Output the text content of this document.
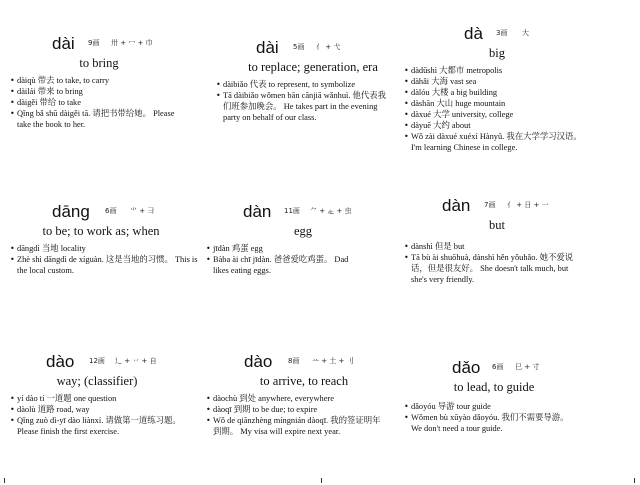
dài 9画 卅 + 冖 + 巾
to bring
• dàiqù 带去 to take, to carry
• dàilái 带来 to bring
• dàigěi 带给 to take
• Qǐng bǎ shū dàigěi tā. 请把书带给她。 Please take the book to her.
dài 5画 亻 + 弋
to replace; generation, era
• dàibiǎo 代表 to represent, to symbolize
• Tā dàibiǎo wǒmen bān cānjiā wǎnhuì. 他代表我们班参加晚会。 He takes part in the evening party on behalf of our class.
dà 3画 大
big
• dàdūshì 大都市 metropolis
• dàhǎi 大海 vast sea
• dàlóu 大楼 a big building
• dàshān 大山 huge mountain
• dàxué 大学 university, college
• dàyuē 大约 about
• Wǒ zài dàxué xuéxí Hànyǔ. 我在大学学习汉语。 I'm learning Chinese in college.
dāng 6画 ⺌ + 彐
to be; to work as; when
• dāngdì 当地 locality
• Zhè shì dāngdì de xíguàn. 这是当地的习惯。 This is the local custom.
dàn 11画 ⺈ + 龰 + 虫
egg
• jīdàn 鸡蛋 egg
• Bàba ài chī jīdàn. 爸爸爱吃鸡蛋。 Dad likes eating eggs.
dàn 7画 亻 + 日 + 一
but
• dànshì 但是 but
• Tā bù ài shuōhuà, dànshì hěn yǒuhǎo. 她不爱说话，但是很友好。 She doesn't talk much, but she's very friendly.
dào 12画 辶 + 丷 + 自
way; (classifier)
• yí dào tí 一道题 one question
• dàolù 道路 road, way
• Qǐng zuò dì-yī dào liànxí. 请做第一道练习题。 Please finish the first exercise.
dào 8画 䒑 + 土 + 刂
to arrive, to reach
• dàochù 到处 anywhere, everywhere
• dàoqī 到期 to be due; to expire
• Wǒ de qiānzhèng míngnián dàoqī. 我的签证明年到期。 My visa will expire next year.
dǎo 6画 巳 + 寸
to lead, to guide
• dǎoyóu 导游 tour guide
• Wǒmen bù xūyào dǎoyóu. 我们不需要导游。 We don't need a tour guide.
